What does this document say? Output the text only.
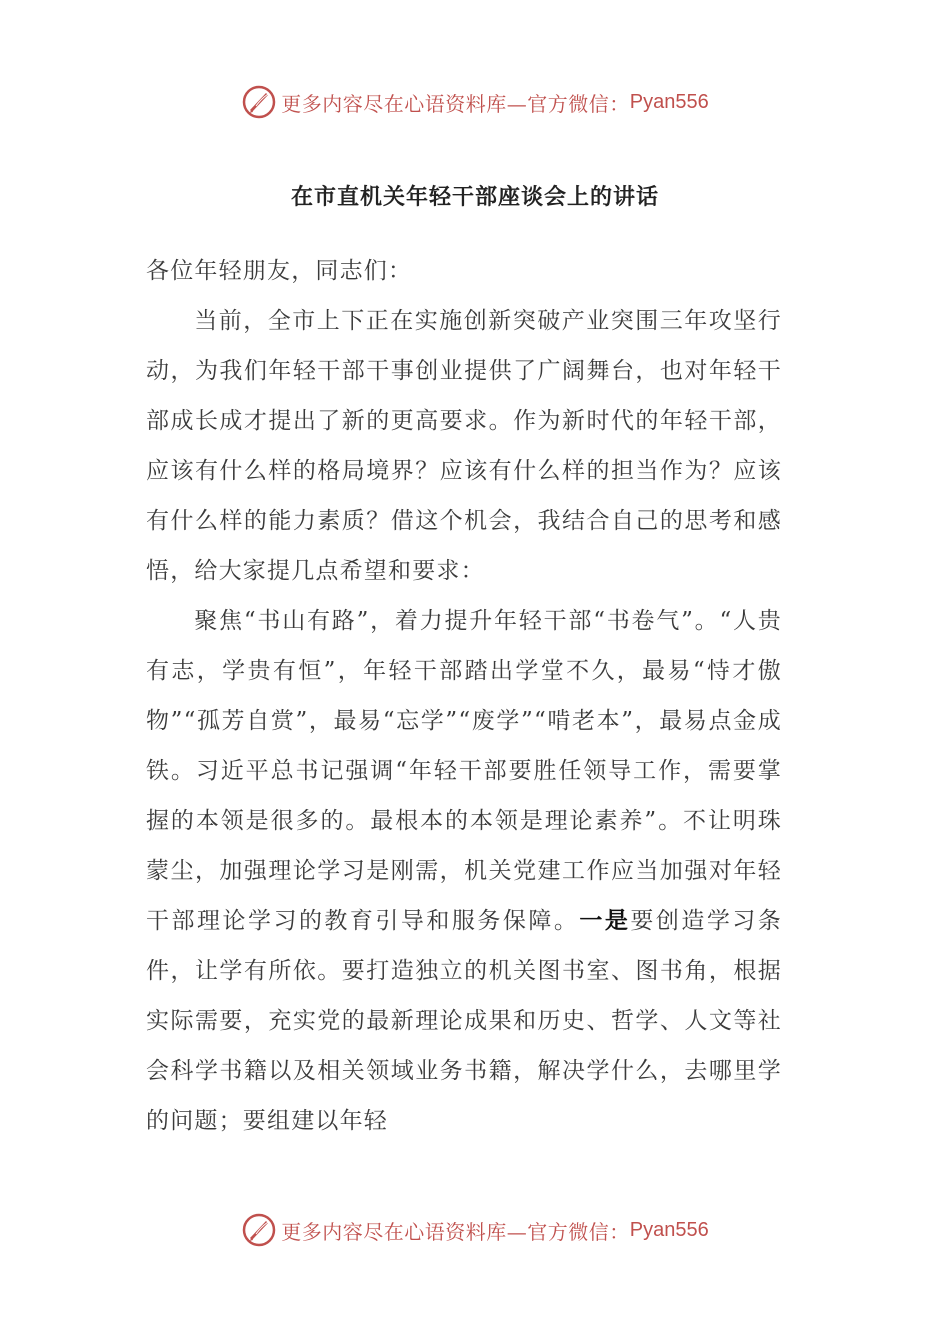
更多内容尽在心语资料库—官方微信： Pyan556
在市直机关年轻干部座谈会上的讲话

各位年轻朋友，同志们：

当前，全市上下正在实施创新突破产业突围三年攻坚行动，为我们年轻干部干事创业提供了广阔舞台，也对年轻干部成长成才提出了新的更高要求。作为新时代的年轻干部，应该有什么样的格局境界？应该有什么样的担当作为？应该有什么样的能力素质？借这个机会，我结合自己的思考和感悟，给大家提几点希望和要求：

聚焦“书山有路”，着力提升年轻干部“书卷气”。“人贵有志，学贵有恒”，年轻干部踏出学堂不久，最易“恃才傲物”“孤芳自赏”，最易“忘学”“废学”“啃老本”，最易点金成铁。习近平总书记强调“年轻干部要胜任领导工作，需要掌握的本领是很多的。最根本的本领是理论素养”。不让明珠蒙尘，加强理论学习是刚需，机关党建工作应当加强对年轻干部理论学习的教育引导和服务保障。一是要创造学习条件，让学有所依。要打造独立的机关图书室、图书角，根据实际需要，充实党的最新理论成果和历史、哲学、人文等社会科学书籍以及相关领域业务书籍，解决学什么，去哪里学的问题；要组建以年轻

更多内容尽在心语资料库—官方微信： Pyan556
